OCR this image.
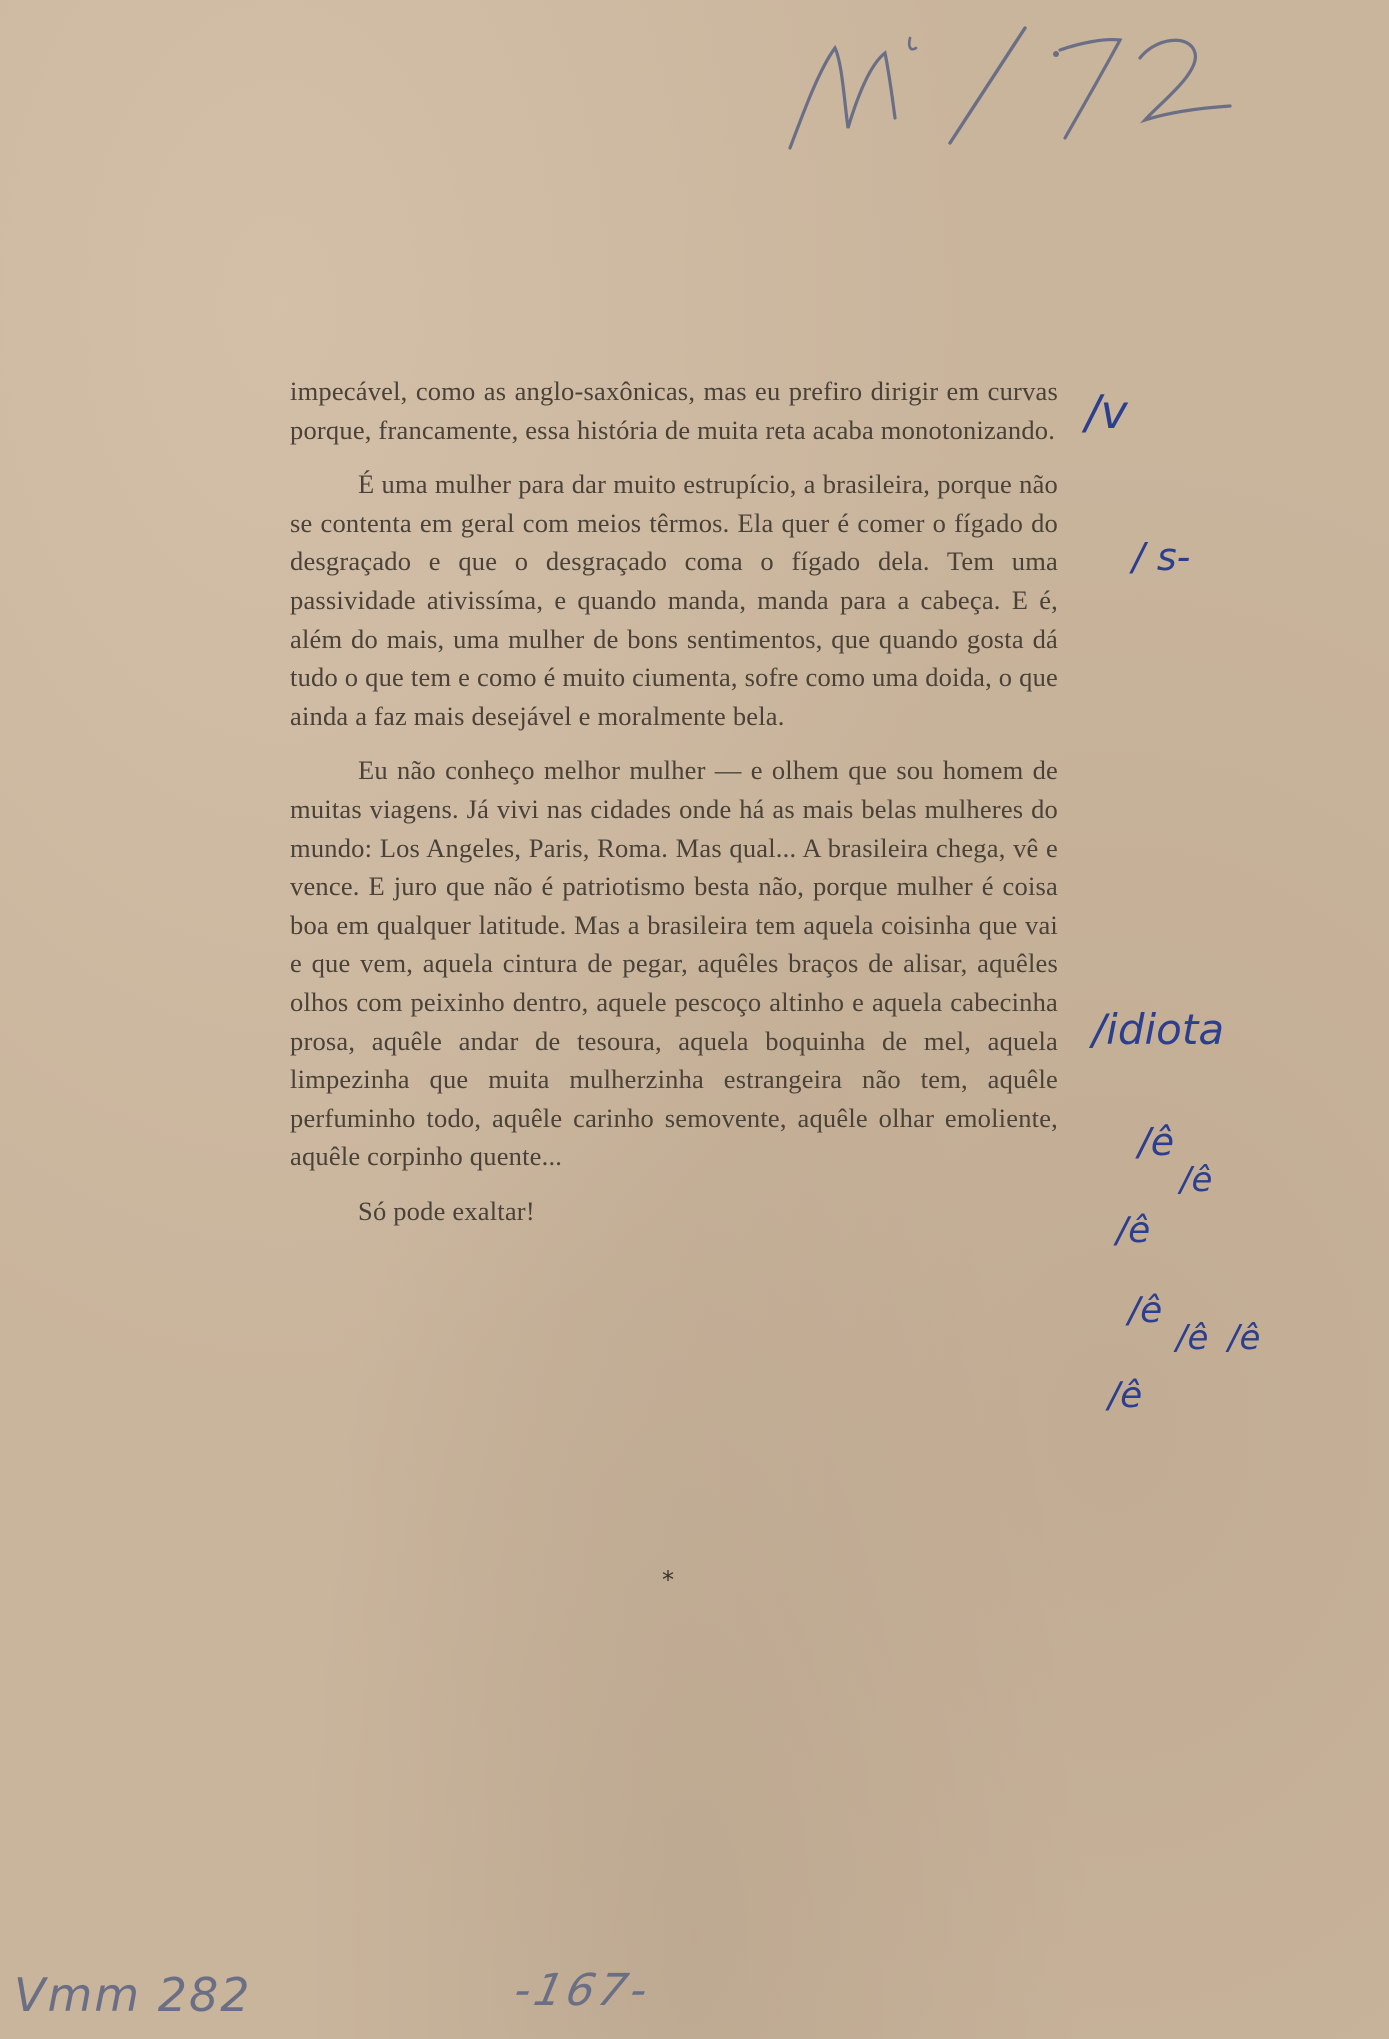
impecável, como as anglo-saxônicas, mas eu prefiro dirigir em curvas porque, francamente, essa história de muita reta acaba monotonizando.

É uma mulher para dar muito estrupício, a brasileira, porque não se contenta em geral com meios têrmos. Ela quer é comer o fígado do desgraçado e que o desgraçado coma o fígado dela. Tem uma passividade ativissíma, e quando manda, manda para a cabeça. E é, além do mais, uma mulher de bons sentimentos, que quando gosta dá tudo o que tem e como é muito ciumenta, sofre como uma doida, o que ainda a faz mais desejável e moralmente bela.

Eu não conheço melhor mulher — e olhem que sou homem de muitas viagens. Já vivi nas cidades onde há as mais belas mulheres do mundo: Los Angeles, Paris, Roma. Mas qual... A brasileira chega, vê e vence. E juro que não é patriotismo besta não, porque mulher é coisa boa em qualquer latitude. Mas a brasileira tem aquela coisinha que vai e que vem, aquela cintura de pegar, aquêles braços de alisar, aquêles olhos com peixinho dentro, aquele pescoço altinho e aquela cabecinha prosa, aquêle andar de tesoura, aquela boquinha de mel, aquela limpezinha que muita mulherzinha estrangeira não tem, aquêle perfuminho todo, aquêle carinho semovente, aquêle olhar emoliente, aquêle corpinho quente...

Só pode exaltar!

*
/v
/ s-
/idiota
/ê
/ê
/ê
/ê
/ê /ê
/ê
Vmm 282	-167-
